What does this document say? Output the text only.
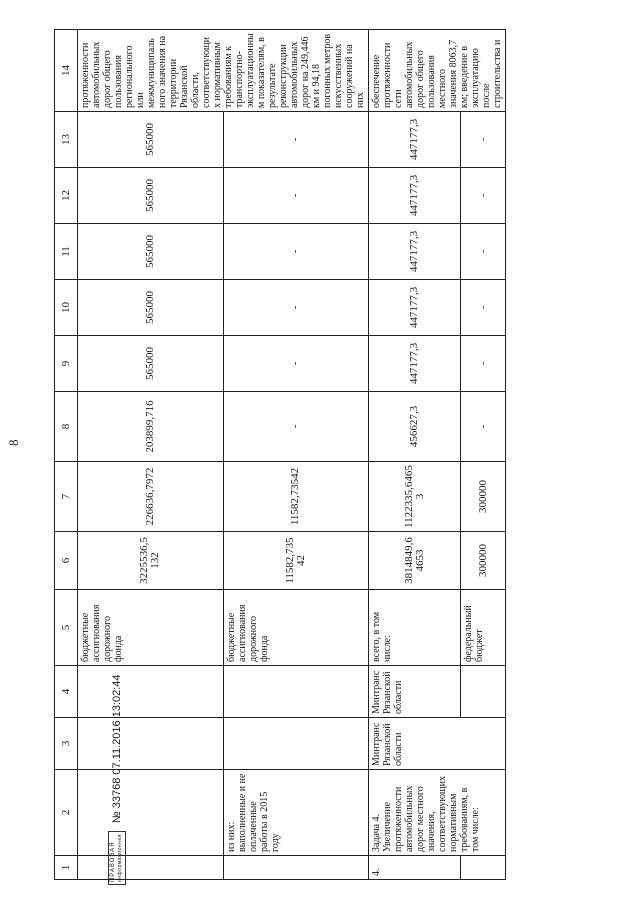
8
ПРАВОВАЯ информационная
№ 33768 07.11.2016 13:02:44
1	2	3	4	5	6	7	8	9	10	11	12	13	14
				бюджетные ассигнования дорожного фонда	3225536,5132	226636,7972	203899,716	565000	565000	565000	565000	565000	протяженности автомобильных дорог общего пользования регионального или межмуниципального значения на территории Рязанской области, соответствующих нормативным требованиям к транспортно-эксплуатационным показателям, в результате реконструкции автомобильных дорог на 249,446 км и 94,18 погонных метров искусственных сооружений на них
	из них: выполненные и не оплаченные работы в 2015 году			бюджетные ассигнования дорожного фонда	11582,73542	11582,73542	-	-	-	-	-	-	
4.	Задача 4. Увеличение протяженности автомобильных дорог местного значения, соответствующих нормативным требованиям, в том числе:	Минтранс Рязанской области	Минтранс Рязанской области	всего, в том числе:	3814849,64653	1122335,64653	456627,3	447177,3	447177,3	447177,3	447177,3	447177,3	обеспечение протяженности сети автомобильных дорог общего пользования местного значения 8063,7 км; введение в эксплуатацию после строительства и
				федеральный бюджет	300000	300000	-	-	-	-	-	-	
